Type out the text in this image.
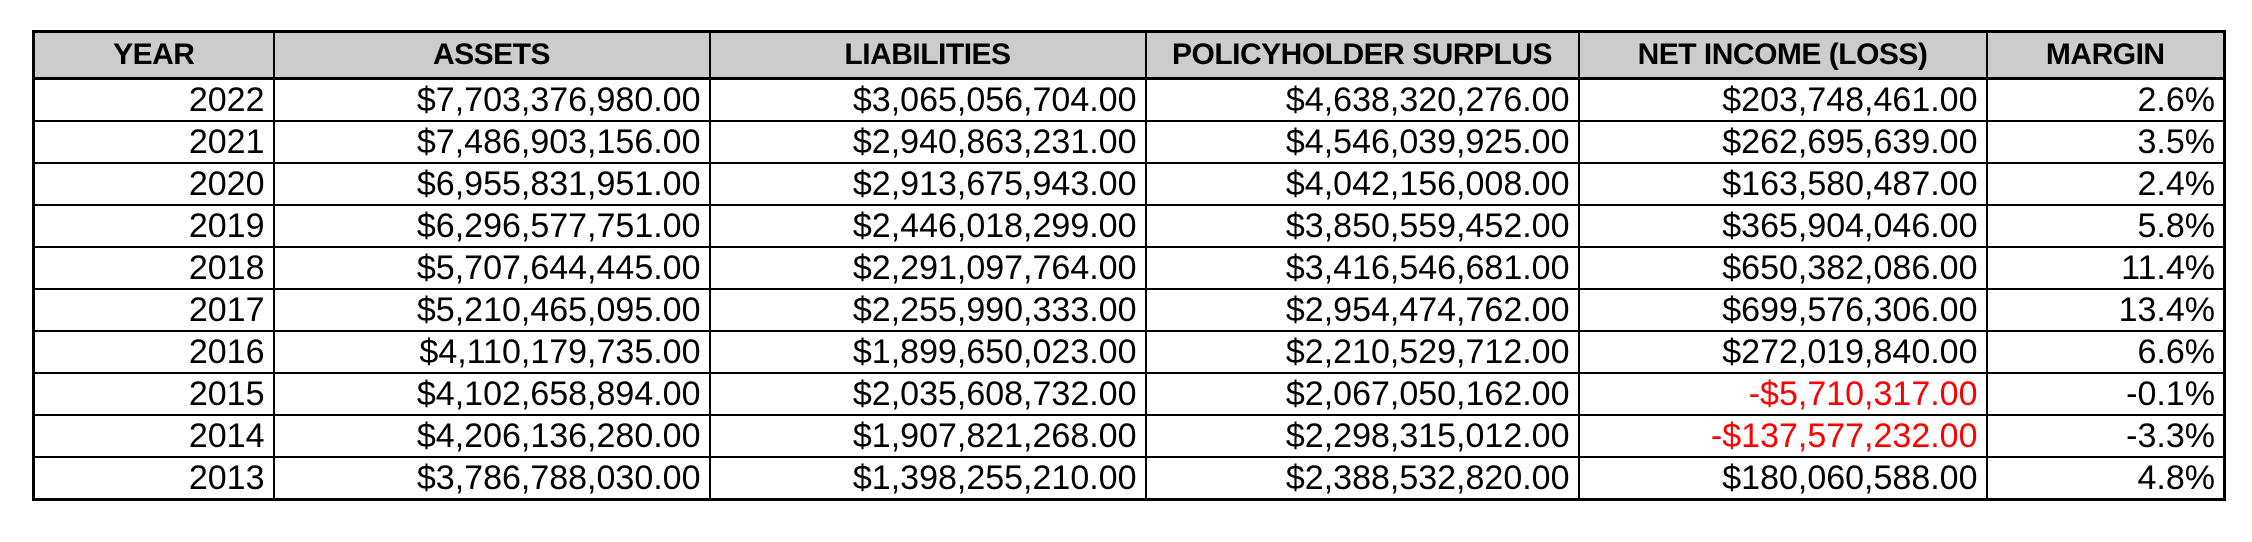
YEAR	ASSETS	LIABILITIES	POLICYHOLDER SURPLUS	NET INCOME (LOSS)	MARGIN
2022	$7,703,376,980.00	$3,065,056,704.00	$4,638,320,276.00	$203,748,461.00	2.6%
2021	$7,486,903,156.00	$2,940,863,231.00	$4,546,039,925.00	$262,695,639.00	3.5%
2020	$6,955,831,951.00	$2,913,675,943.00	$4,042,156,008.00	$163,580,487.00	2.4%
2019	$6,296,577,751.00	$2,446,018,299.00	$3,850,559,452.00	$365,904,046.00	5.8%
2018	$5,707,644,445.00	$2,291,097,764.00	$3,416,546,681.00	$650,382,086.00	11.4%
2017	$5,210,465,095.00	$2,255,990,333.00	$2,954,474,762.00	$699,576,306.00	13.4%
2016	$4,110,179,735.00	$1,899,650,023.00	$2,210,529,712.00	$272,019,840.00	6.6%
2015	$4,102,658,894.00	$2,035,608,732.00	$2,067,050,162.00	-$5,710,317.00	-0.1%
2014	$4,206,136,280.00	$1,907,821,268.00	$2,298,315,012.00	-$137,577,232.00	-3.3%
2013	$3,786,788,030.00	$1,398,255,210.00	$2,388,532,820.00	$180,060,588.00	4.8%
